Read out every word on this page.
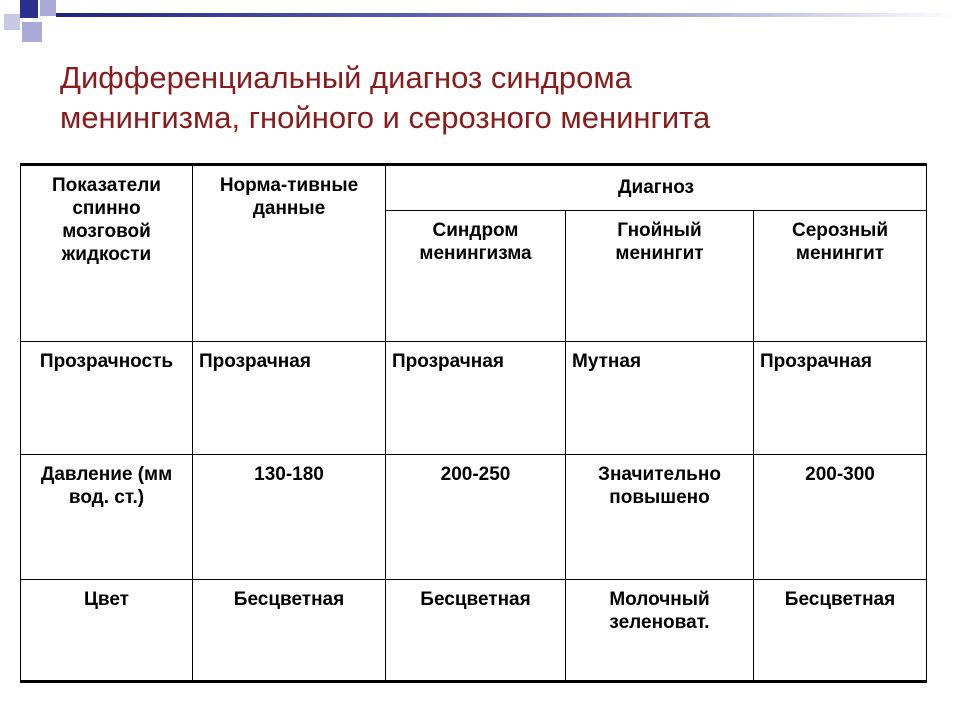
Дифференциальный диагноз синдрома
менингизма, гнойного и серозного менингита
Показатели спинно мозговой жидкости	Норма-тивные данные	Диагноз		
		Синдром менингизма	Гнойный менингит	Серозный менингит
Прозрачность	Прозрачная	Прозрачная	Мутная	Прозрачная
Давление (мм вод. ст.)	130-180	200-250	Значительно повышено	200-300
Цвет	Бесцветная	Бесцветная	Молочный зеленоват.	Бесцветная
